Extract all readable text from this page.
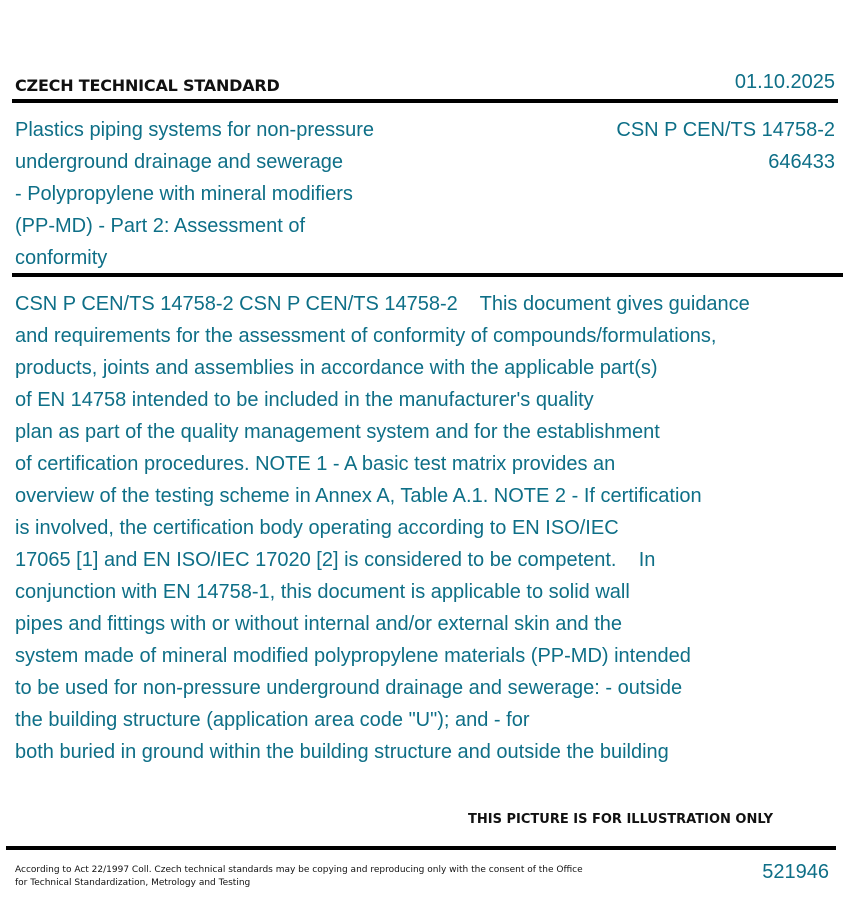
CZECH TECHNICAL STANDARD	01.10.2025
Plastics piping systems for non-pressure
underground drainage and sewerage
- Polypropylene with mineral modifiers
(PP-MD) - Part 2: Assessment of
conformity
CSN P CEN/TS 14758-2
646433
CSN P CEN/TS 14758-2 CSN P CEN/TS 14758-2    This document gives guidance
and requirements for the assessment of conformity of compounds/formulations,
products, joints and assemblies in accordance with the applicable part(s)
of EN 14758 intended to be included in the manufacturer's quality
plan as part of the quality management system and for the establishment
of certification procedures. NOTE 1 - A basic test matrix provides an
overview of the testing scheme in Annex A, Table A.1. NOTE 2 - If certification
is involved, the certification body operating according to EN ISO/IEC
17065 [1] and EN ISO/IEC 17020 [2] is considered to be competent.    In
conjunction with EN 14758-1, this document is applicable to solid wall
pipes and fittings with or without internal and/or external skin and the
system made of mineral modified polypropylene materials (PP-MD) intended
to be used for non-pressure underground drainage and sewerage: - outside
the building structure (application area code "U"); and - for
both buried in ground within the building structure and outside the building
THIS PICTURE IS FOR ILLUSTRATION ONLY
According to Act 22/1997 Coll. Czech technical standards may be copying and reproducing only with the consent of the Office
for Technical Standardization, Metrology and Testing	521946
